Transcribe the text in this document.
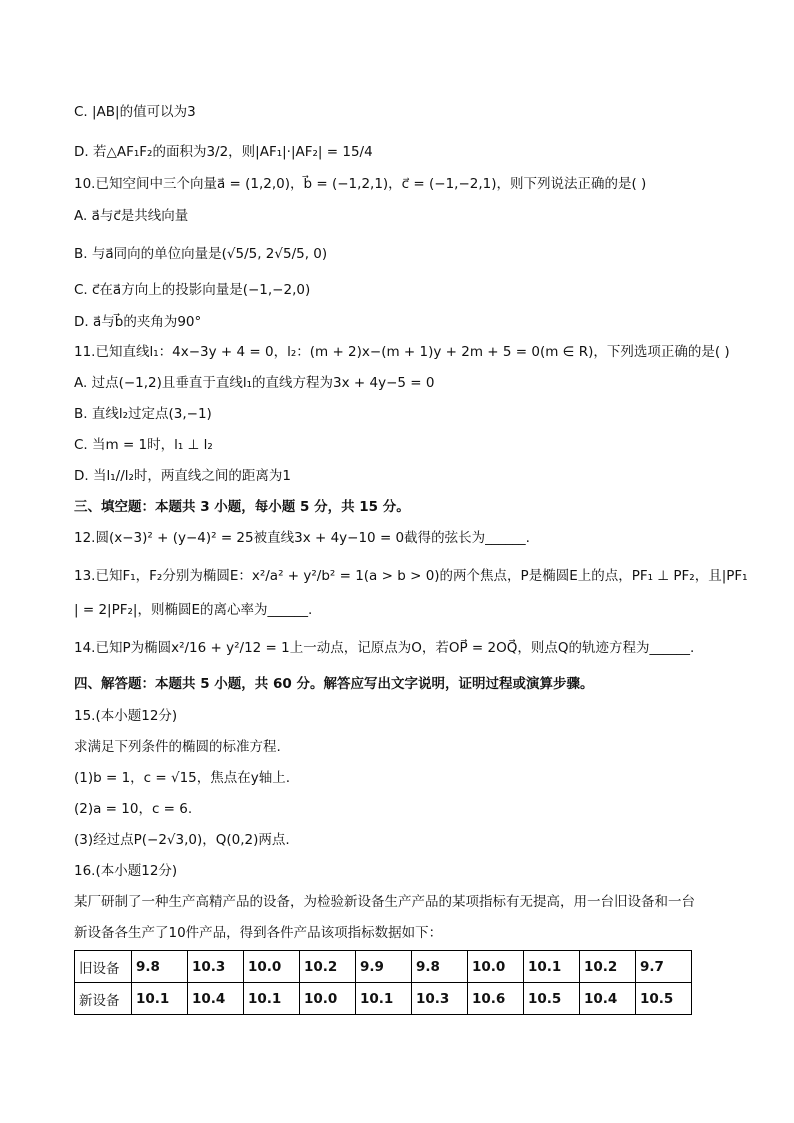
C. |AB|的值可以为3
D. 若△AF₁F₂的面积为3/2，则|AF₁|·|AF₂| = 15/4
10.已知空间中三个向量a⃗ = (1,2,0)，b⃗ = (−1,2,1)，c⃗ = (−1,−2,1)，则下列说法正确的是( )
A. a⃗与c⃗是共线向量
B. 与a⃗同向的单位向量是(√5/5, 2√5/5, 0)
C. c⃗在a⃗方向上的投影向量是(−1,−2,0)
D. a⃗与b⃗的夹角为90°
11.已知直线l₁：4x−3y + 4 = 0，l₂：(m + 2)x−(m + 1)y + 2m + 5 = 0(m ∈ R)，下列选项正确的是( )
A. 过点(−1,2)且垂直于直线l₁的直线方程为3x + 4y−5 = 0
B. 直线l₂过定点(3,−1)
C. 当m = 1时，l₁ ⊥ l₂
D. 当l₁//l₂时，两直线之间的距离为1
三、填空题：本题共 3 小题，每小题 5 分，共 15 分。
12.圆(x−3)² + (y−4)² = 25被直线3x + 4y−10 = 0截得的弦长为______.
13.已知F₁，F₂分别为椭圆E：x²/a² + y²/b² = 1(a > b > 0)的两个焦点，P是椭圆E上的点，PF₁ ⊥ PF₂，且|PF₁
| = 2|PF₂|，则椭圆E的离心率为______.
14.已知P为椭圆x²/16 + y²/12 = 1上一动点，记原点为O，若OP⃗ = 2OQ⃗，则点Q的轨迹方程为______.
四、解答题：本题共 5 小题，共 60 分。解答应写出文字说明，证明过程或演算步骤。
15.(本小题12分)
求满足下列条件的椭圆的标准方程.
(1)b = 1，c = √15，焦点在y轴上.
(2)a = 10，c = 6.
(3)经过点P(−2√3,0)，Q(0,2)两点.
16.(本小题12分)
某厂研制了一种生产高精产品的设备，为检验新设备生产产品的某项指标有无提高，用一台旧设备和一台
新设备各生产了10件产品，得到各件产品该项指标数据如下：
旧设备	9.8	10.3	10.0	10.2	9.9	9.8	10.0	10.1	10.2	9.7
新设备	10.1	10.4	10.1	10.0	10.1	10.3	10.6	10.5	10.4	10.5
